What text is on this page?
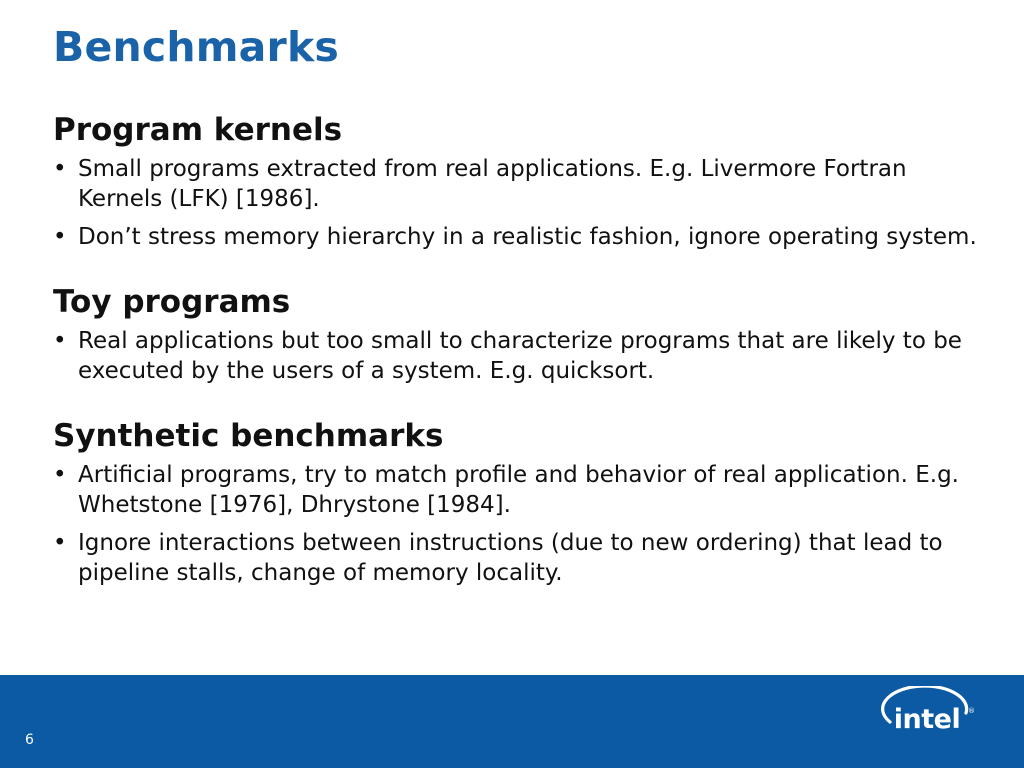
Benchmarks
Program kernels
• Small programs extracted from real applications. E.g. Livermore Fortran Kernels (LFK) [1986].
• Don’t stress memory hierarchy in a realistic fashion, ignore operating system.
Toy programs
• Real applications but too small to characterize programs that are likely to be executed by the users of a system. E.g. quicksort.
Synthetic benchmarks
• Artificial programs, try to match profile and behavior of real application. E.g. Whetstone [1976], Dhrystone [1984].
• Ignore interactions between instructions (due to new ordering) that lead to pipeline stalls, change of memory locality.
6
intel ®
